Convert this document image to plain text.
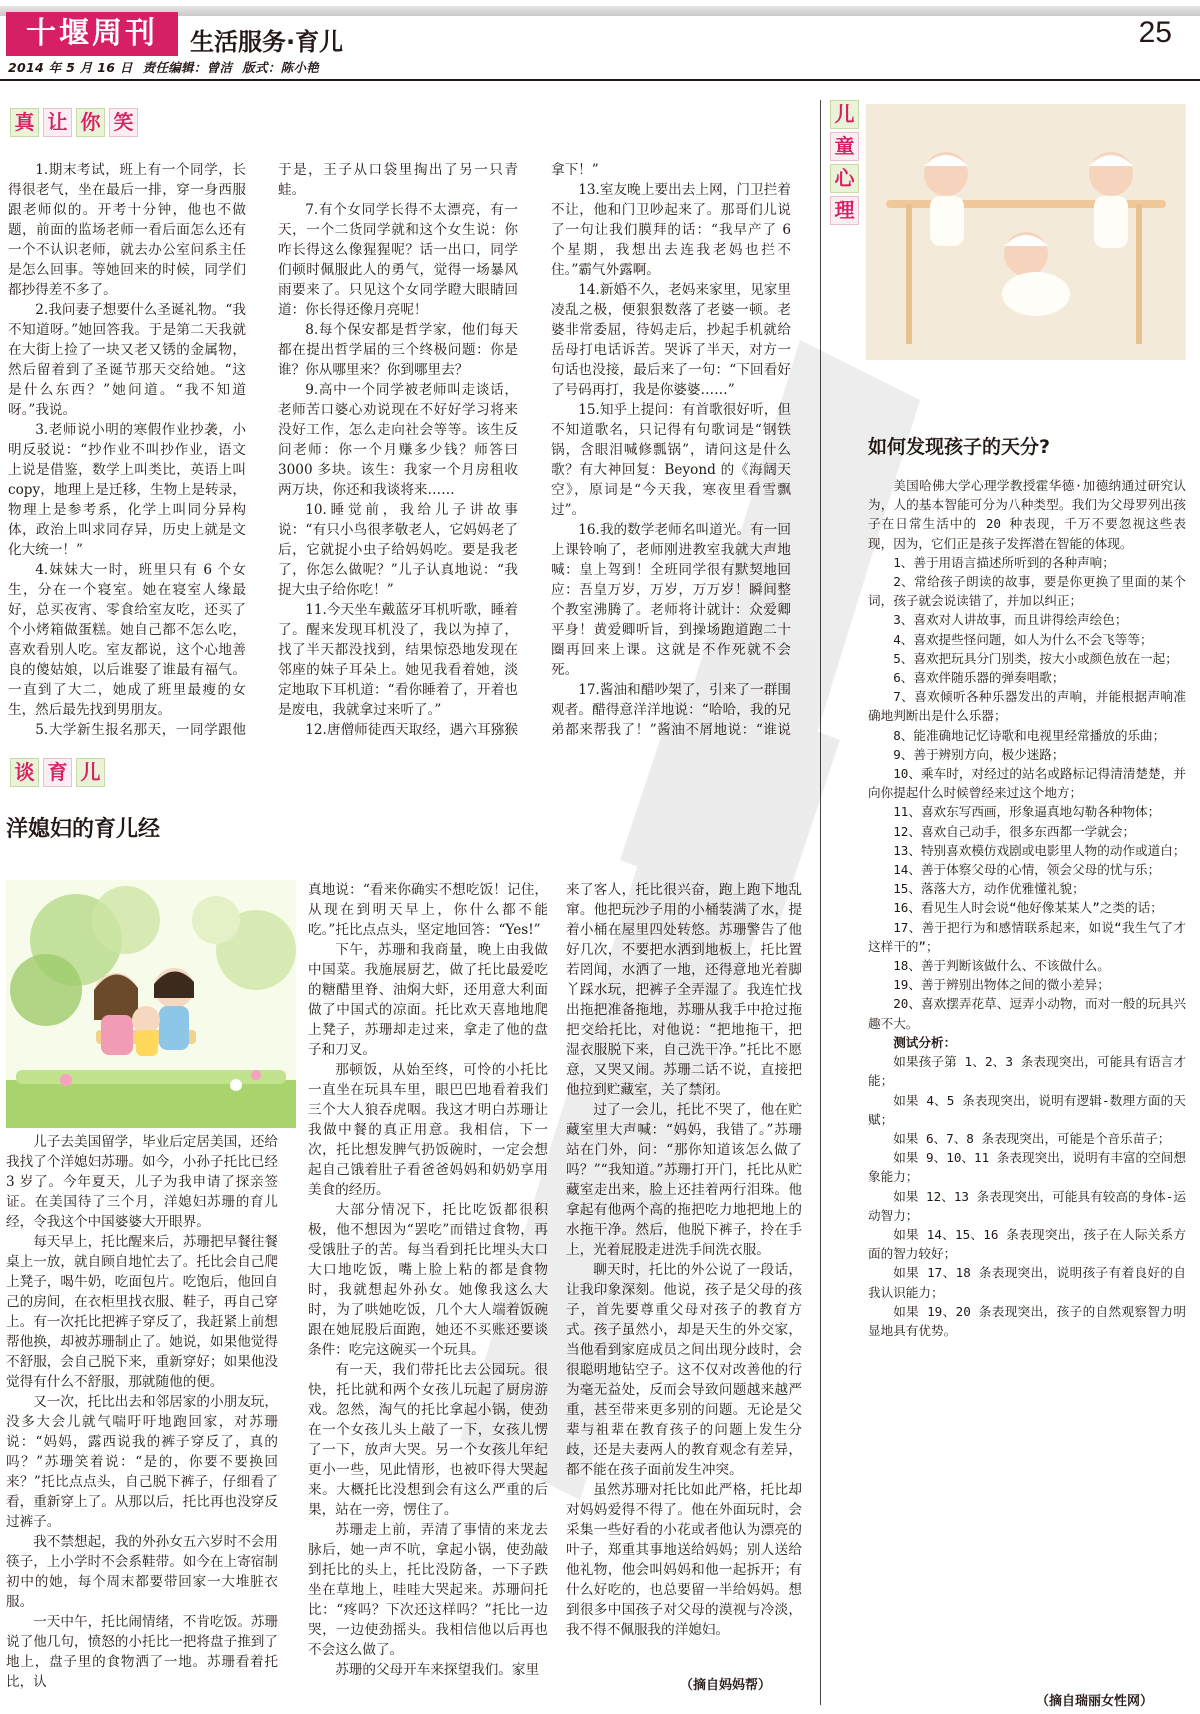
十堰周刊	生活服务·育儿	25
2014 年 5 月 16 日 责任编辑：曾洁 版式：陈小艳
真 让 你 笑

1.期末考试，班上有一个同学，长得很老气，坐在最后一排，穿一身西服跟老师似的。开考十分钟，他也不做题，前面的监场老师一看后面怎么还有一个不认识老师，就去办公室问系主任是怎么回事。等她回来的时候，同学们都抄得差不多了。

2.我问妻子想要什么圣诞礼物。“我不知道呀。”她回答我。于是第二天我就在大街上捡了一块又老又锈的金属物，然后留着到了圣诞节那天交给她。“这是什么东西？”她问道。“我不知道呀。”我说。

3.老师说小明的寒假作业抄袭，小明反驳说：“抄作业不叫抄作业，语文上说是借鉴，数学上叫类比，英语上叫 copy，地理上是迁移，生物上是转录，物理上是参考系，化学上叫同分异构体，政治上叫求同存异，历史上就是文化大统一！”

4.妹妹大一时，班里只有 6 个女生，分在一个寝室。她在寝室人缘最好，总买夜宵、零食给室友吃，还买了个小烤箱做蛋糕。她自己都不怎么吃，喜欢看别人吃。室友都说，这个心地善良的傻姑娘，以后谁娶了谁最有福气。一直到了大二，她成了班里最瘦的女生，然后最先找到男朋友。

5.大学新生报名那天，一同学跟他

于是，王子从口袋里掏出了另一只青蛙。

7.有个女同学长得不太漂亮，有一天，一个二货同学就和这个女生说：你咋长得这么像猩猩呢？话一出口，同学们顿时佩服此人的勇气，觉得一场暴风雨要来了。只见这个女同学瞪大眼睛回道：你长得还像月亮呢！

8.每个保安都是哲学家，他们每天都在提出哲学届的三个终极问题：你是谁？你从哪里来？你到哪里去？

9.高中一个同学被老师叫走谈话，老师苦口婆心劝说现在不好好学习将来没好工作，怎么走向社会等等。该生反问老师：你一个月赚多少钱？师答曰 3000 多块。该生：我家一个月房租收两万块，你还和我谈将来……

10.睡觉前，我给儿子讲故事说：“有只小鸟很孝敬老人，它妈妈老了后，它就捉小虫子给妈妈吃。要是我老了，你怎么做呢？”儿子认真地说：“我捉大虫子给你吃！”

11.今天坐车戴蓝牙耳机听歌，睡着了。醒来发现耳机没了，我以为掉了，找了半天都没找到，结果惊恐地发现在邻座的妹子耳朵上。她见我看着她，淡定地取下耳机道：“看你睡着了，开着也是废电，我就拿过来听了。”

12.唐僧师徒西天取经，遇六耳猕猴

拿下！”

13.室友晚上要出去上网，门卫拦着不让，他和门卫吵起来了。那哥们儿说了一句让我们膜拜的话：“我早产了 6 个星期，我想出去连我老妈也拦不住。”霸气外露啊。

14.新婚不久，老妈来家里，见家里凌乱之极，便狠狠数落了老婆一顿。老婆非常委屈，待妈走后，抄起手机就给岳母打电话诉苦。哭诉了半天，对方一句话也没接，最后来了一句：“下回看好了号码再打，我是你婆婆……”

15.知乎上提问：有首歌很好听，但不知道歌名，只记得有句歌词是“钢铁锅，含眼泪喊修瓢锅”，请问这是什么歌？有大神回复：Beyond 的《海阔天空》，原词是“今天我，寒夜里看雪飘过”。

16.我的数学老师名叫道光。有一回上课铃响了，老师刚进教室我就大声地喊：皇上驾到！全班同学很有默契地回应：吾皇万岁，万岁，万万岁！瞬间整个教室沸腾了。老师将计就计：众爱卿平身！黄爱卿听旨，到操场跑道跑二十圈再回来上课。这就是不作死就不会死。

17.酱油和醋吵架了，引来了一群围观者。醋得意洋洋地说：“哈哈，我的兄弟都来帮我了！”酱油不屑地说：“谁说

谈 育 儿
洋媳妇的育儿经

儿子去美国留学，毕业后定居美国，还给我找了个洋媳妇苏珊。如今，小孙子托比已经 3 岁了。今年夏天，儿子为我申请了探亲签证。在美国待了三个月，洋媳妇苏珊的育儿经，令我这个中国婆婆大开眼界。

每天早上，托比醒来后，苏珊把早餐往餐桌上一放，就自顾自地忙去了。托比会自己爬上凳子，喝牛奶，吃面包片。吃饱后，他回自己的房间，在衣柜里找衣服、鞋子，再自己穿上。有一次托比把裤子穿反了，我赶紧上前想帮他换，却被苏珊制止了。她说，如果他觉得不舒服，会自己脱下来，重新穿好；如果他没觉得有什么不舒服，那就随他的便。

又一次，托比出去和邻居家的小朋友玩，没多大会儿就气喘吁吁地跑回家，对苏珊说：“妈妈，露西说我的裤子穿反了，真的吗？”苏珊笑着说：“是的，你要不要换回来？”托比点点头，自己脱下裤子，仔细看了看，重新穿上了。从那以后，托比再也没穿反过裤子。

我不禁想起，我的外孙女五六岁时不会用筷子，上小学时不会系鞋带。如今在上寄宿制初中的她，每个周末都要带回家一大堆脏衣服。

一天中午，托比闹情绪，不肯吃饭。苏珊说了他几句，愤怒的小托比一把将盘子推到了地上，盘子里的食物洒了一地。苏珊看着托比，认

真地说：“看来你确实不想吃饭！记住，从现在到明天早上，你什么都不能吃。”托比点点头，坚定地回答：“Yes!”

下午，苏珊和我商量，晚上由我做中国菜。我施展厨艺，做了托比最爱吃的糖醋里脊、油焖大虾，还用意大利面做了中国式的凉面。托比欢天喜地地爬上凳子，苏珊却走过来，拿走了他的盘子和刀叉。

那顿饭，从始至终，可怜的小托比一直坐在玩具车里，眼巴巴地看着我们三个大人狼吞虎咽。我这才明白苏珊让我做中餐的真正用意。我相信，下一次，托比想发脾气扔饭碗时，一定会想起自己饿着肚子看爸爸妈妈和奶奶享用美食的经历。

大部分情况下，托比吃饭都很积极，他不想因为“罢吃”而错过食物，再受饿肚子的苦。每当看到托比埋头大口大口地吃饭，嘴上脸上粘的都是食物时，我就想起外孙女。她像我这么大时，为了哄她吃饭，几个大人端着饭碗跟在她屁股后面跑，她还不买账还要谈条件：吃完这碗买一个玩具。

有一天，我们带托比去公园玩。很快，托比就和两个女孩儿玩起了厨房游戏。忽然，淘气的托比拿起小锅，使劲在一个女孩儿头上敲了一下，女孩儿愣了一下，放声大哭。另一个女孩儿年纪更小一些，见此情形，也被吓得大哭起来。大概托比没想到会有这么严重的后果，站在一旁，愣住了。

苏珊走上前，弄清了事情的来龙去脉后，她一声不吭，拿起小锅，使劲敲到托比的头上，托比没防备，一下子跌坐在草地上，哇哇大哭起来。苏珊问托比：“疼吗？下次还这样吗？”托比一边哭，一边使劲摇头。我相信他以后再也不会这么做了。

苏珊的父母开车来探望我们。家里

来了客人，托比很兴奋，跑上跑下地乱窜。他把玩沙子用的小桶装满了水，提着小桶在屋里四处转悠。苏珊警告了他好几次，不要把水洒到地板上，托比置若罔闻，水洒了一地，还得意地光着脚丫踩水玩，把裤子全弄湿了。我连忙找出拖把准备拖地，苏珊从我手中抢过拖把交给托比，对他说：“把地拖干，把湿衣服脱下来，自己洗干净。”托比不愿意，又哭又闹。苏珊二话不说，直接把他拉到贮藏室，关了禁闭。

过了一会儿，托比不哭了，他在贮藏室里大声喊：“妈妈，我错了。”苏珊站在门外，问：“那你知道该怎么做了吗？”“我知道。”苏珊打开门，托比从贮藏室走出来，脸上还挂着两行泪珠。他拿起有他两个高的拖把吃力地把地上的水拖干净。然后，他脱下裤子，拎在手上，光着屁股走进洗手间洗衣服。

聊天时，托比的外公说了一段话，让我印象深刻。他说，孩子是父母的孩子，首先要尊重父母对孩子的教育方式。孩子虽然小，却是天生的外交家，当他看到家庭成员之间出现分歧时，会很聪明地钻空子。这不仅对改善他的行为毫无益处，反而会导致问题越来越严重，甚至带来更多别的问题。无论是父辈与祖辈在教育孩子的问题上发生分歧，还是夫妻两人的教育观念有差异，都不能在孩子面前发生冲突。

虽然苏珊对托比如此严格，托比却对妈妈爱得不得了。他在外面玩时，会采集一些好看的小花或者他认为漂亮的叶子，郑重其事地送给妈妈；别人送给他礼物，他会叫妈妈和他一起拆开；有什么好吃的，也总要留一半给妈妈。想到很多中国孩子对父母的漠视与冷淡，我不得不佩服我的洋媳妇。

（摘自妈妈帮）
儿
童
心
理
如何发现孩子的天分?

美国哈佛大学心理学教授霍华德·加德纳通过研究认为，人的基本智能可分为八种类型。我们为父母罗列出孩子在日常生活中的 20 种表现，千万不要忽视这些表现，因为，它们正是孩子发挥潜在智能的体现。

1、善于用语言描述所听到的各种声响；

2、常给孩子朗读的故事，要是你更换了里面的某个词，孩子就会说读错了，并加以纠正；

3、喜欢对人讲故事，而且讲得绘声绘色；

4、喜欢提些怪问题，如人为什么不会飞等等；

5、喜欢把玩具分门别类，按大小或颜色放在一起；

6、喜欢伴随乐器的弹奏唱歌；

7、喜欢倾听各种乐器发出的声响，并能根据声响准确地判断出是什么乐器；

8、能准确地记忆诗歌和电视里经常播放的乐曲；

9、善于辨别方向，极少迷路；

10、乘车时，对经过的站名或路标记得清清楚楚，并向你提起什么时候曾经来过这个地方；

11、喜欢东写西画，形象逼真地勾勒各种物体；

12、喜欢自己动手，很多东西都一学就会；

13、特别喜欢模仿戏剧或电影里人物的动作或道白；

14、善于体察父母的心情，领会父母的忧与乐；

15、落落大方，动作优雅懂礼貌；

16、看见生人时会说“他好像某某人”之类的话；

17、善于把行为和感情联系起来，如说“我生气了才这样干的”；

18、善于判断该做什么、不该做什么。

19、善于辨别出物体之间的微小差异；

20、喜欢摆弄花草、逗弄小动物，而对一般的玩具兴趣不大。

测试分析：

如果孩子第 1、2、3 条表现突出，可能具有语言才能；

如果 4、5 条表现突出，说明有逻辑-数理方面的天赋；

如果 6、7、8 条表现突出，可能是个音乐苗子；

如果 9、10、11 条表现突出，说明有丰富的空间想象能力；

如果 12、13 条表现突出，可能具有较高的身体-运动智力；

如果 14、15、16 条表现突出，孩子在人际关系方面的智力较好；

如果 17、18 条表现突出，说明孩子有着良好的自我认识能力；

如果 19、20 条表现突出，孩子的自然观察智力明显地具有优势。

（摘自瑞丽女性网）
